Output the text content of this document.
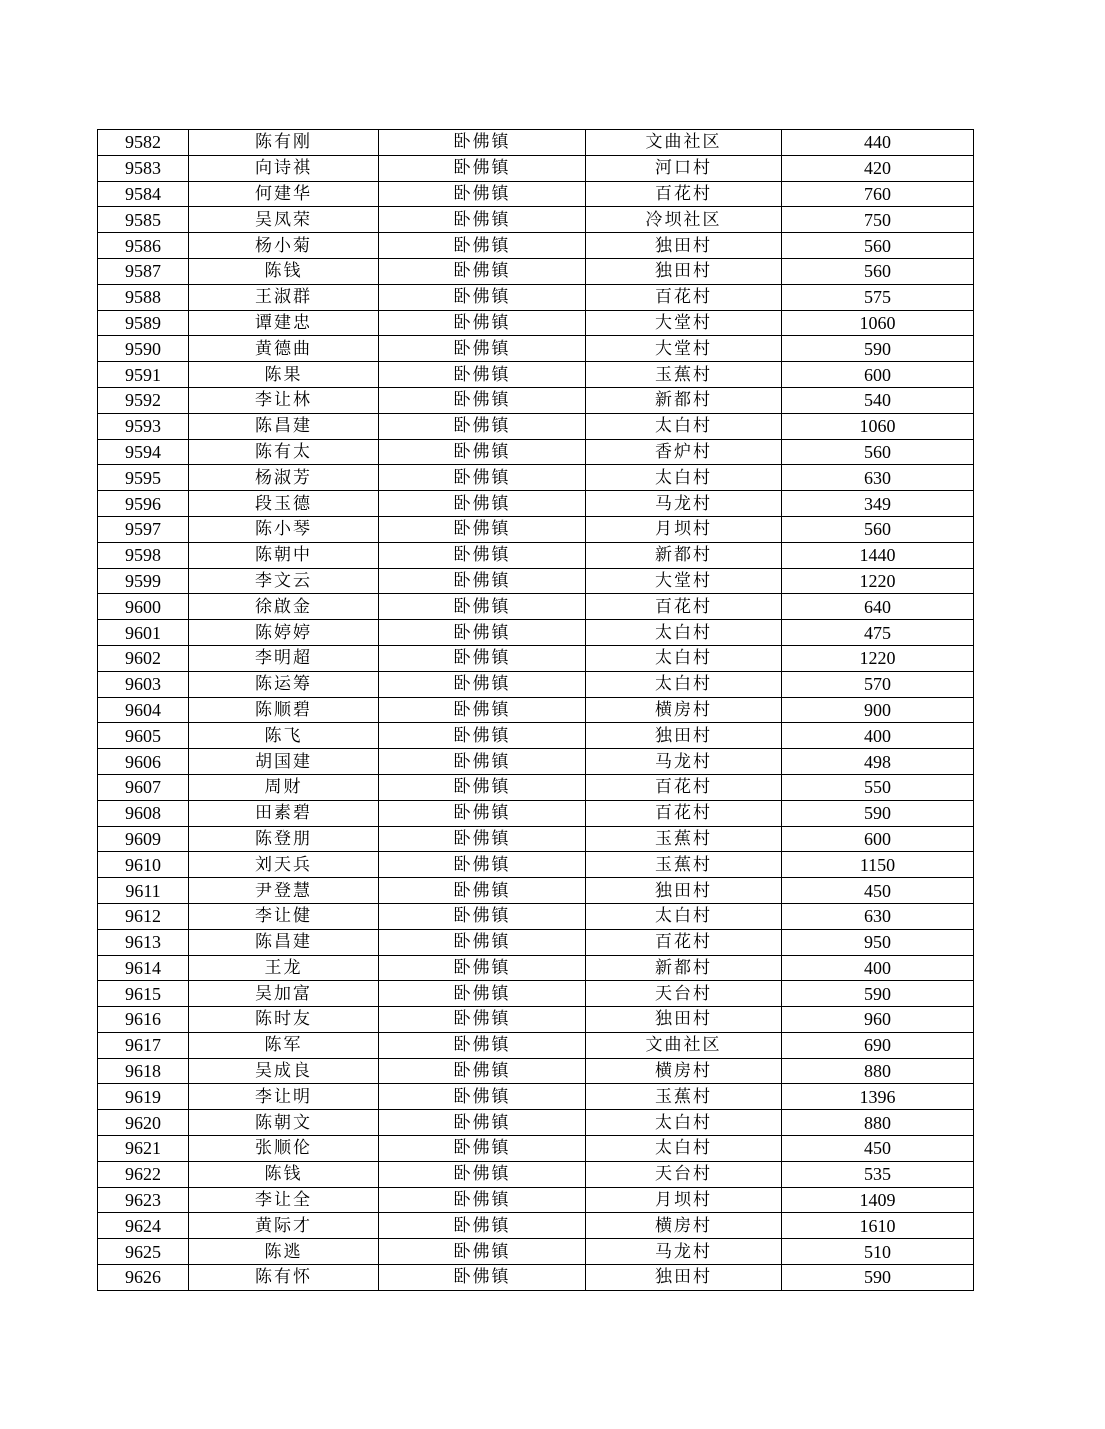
9582	陈有刚	卧佛镇	文曲社区	440
9583	向诗祺	卧佛镇	河口村	420
9584	何建华	卧佛镇	百花村	760
9585	吴凤荣	卧佛镇	冷坝社区	750
9586	杨小菊	卧佛镇	独田村	560
9587	陈钱	卧佛镇	独田村	560
9588	王淑群	卧佛镇	百花村	575
9589	谭建忠	卧佛镇	大堂村	1060
9590	黄德曲	卧佛镇	大堂村	590
9591	陈果	卧佛镇	玉蕉村	600
9592	李让林	卧佛镇	新都村	540
9593	陈昌建	卧佛镇	太白村	1060
9594	陈有太	卧佛镇	香炉村	560
9595	杨淑芳	卧佛镇	太白村	630
9596	段玉德	卧佛镇	马龙村	349
9597	陈小琴	卧佛镇	月坝村	560
9598	陈朝中	卧佛镇	新都村	1440
9599	李文云	卧佛镇	大堂村	1220
9600	徐啟金	卧佛镇	百花村	640
9601	陈婷婷	卧佛镇	太白村	475
9602	李明超	卧佛镇	太白村	1220
9603	陈运筹	卧佛镇	太白村	570
9604	陈顺碧	卧佛镇	横房村	900
9605	陈飞	卧佛镇	独田村	400
9606	胡国建	卧佛镇	马龙村	498
9607	周财	卧佛镇	百花村	550
9608	田素碧	卧佛镇	百花村	590
9609	陈登朋	卧佛镇	玉蕉村	600
9610	刘天兵	卧佛镇	玉蕉村	1150
9611	尹登慧	卧佛镇	独田村	450
9612	李让健	卧佛镇	太白村	630
9613	陈昌建	卧佛镇	百花村	950
9614	王龙	卧佛镇	新都村	400
9615	吴加富	卧佛镇	天台村	590
9616	陈时友	卧佛镇	独田村	960
9617	陈军	卧佛镇	文曲社区	690
9618	吴成良	卧佛镇	横房村	880
9619	李让明	卧佛镇	玉蕉村	1396
9620	陈朝文	卧佛镇	太白村	880
9621	张顺伦	卧佛镇	太白村	450
9622	陈钱	卧佛镇	天台村	535
9623	李让全	卧佛镇	月坝村	1409
9624	黄际才	卧佛镇	横房村	1610
9625	陈逃	卧佛镇	马龙村	510
9626	陈有怀	卧佛镇	独田村	590
